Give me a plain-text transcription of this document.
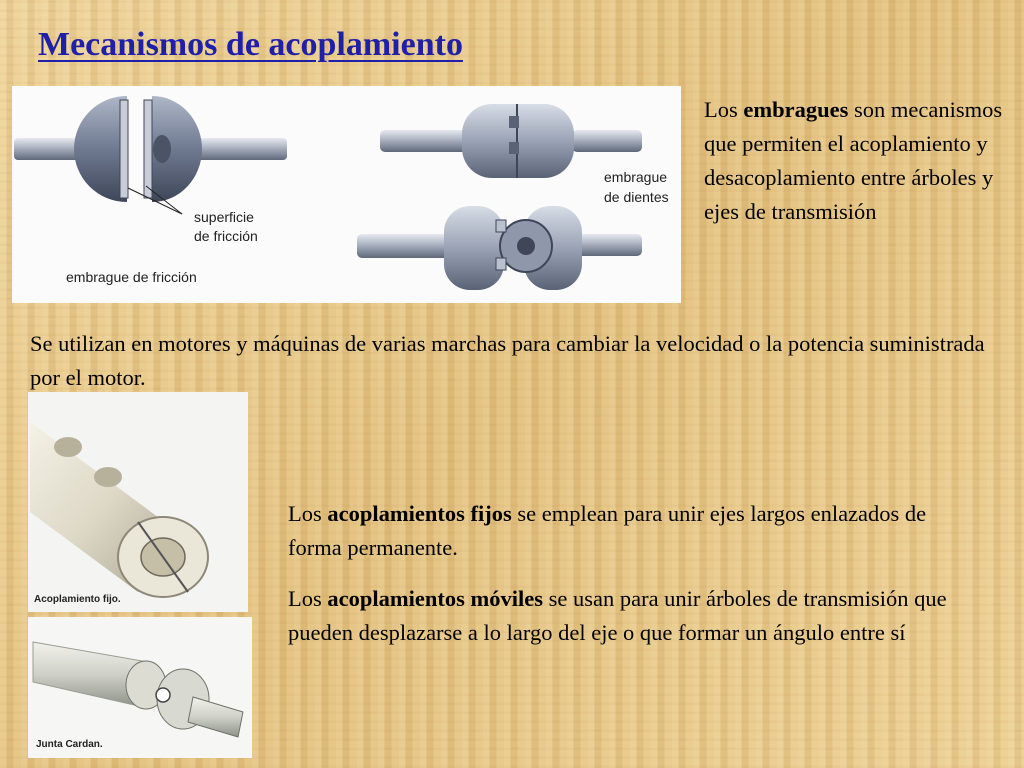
Mecanismos de acoplamiento
superficie
de fricción
embrague de fricción
embrague
de dientes

Los embragues son mecanismos que permiten el acoplamiento y desacoplamiento entre árboles y ejes de transmisión

Se utilizan en motores y máquinas de varias marchas para cambiar la velocidad o la potencia suministrada por el motor.

Acoplamiento fijo.
Junta Cardan.

Los acoplamientos fijos se emplean para unir ejes largos enlazados de forma permanente.

Los acoplamientos móviles se usan para unir árboles de transmisión que pueden desplazarse a lo largo del eje o que formar un ángulo entre sí
